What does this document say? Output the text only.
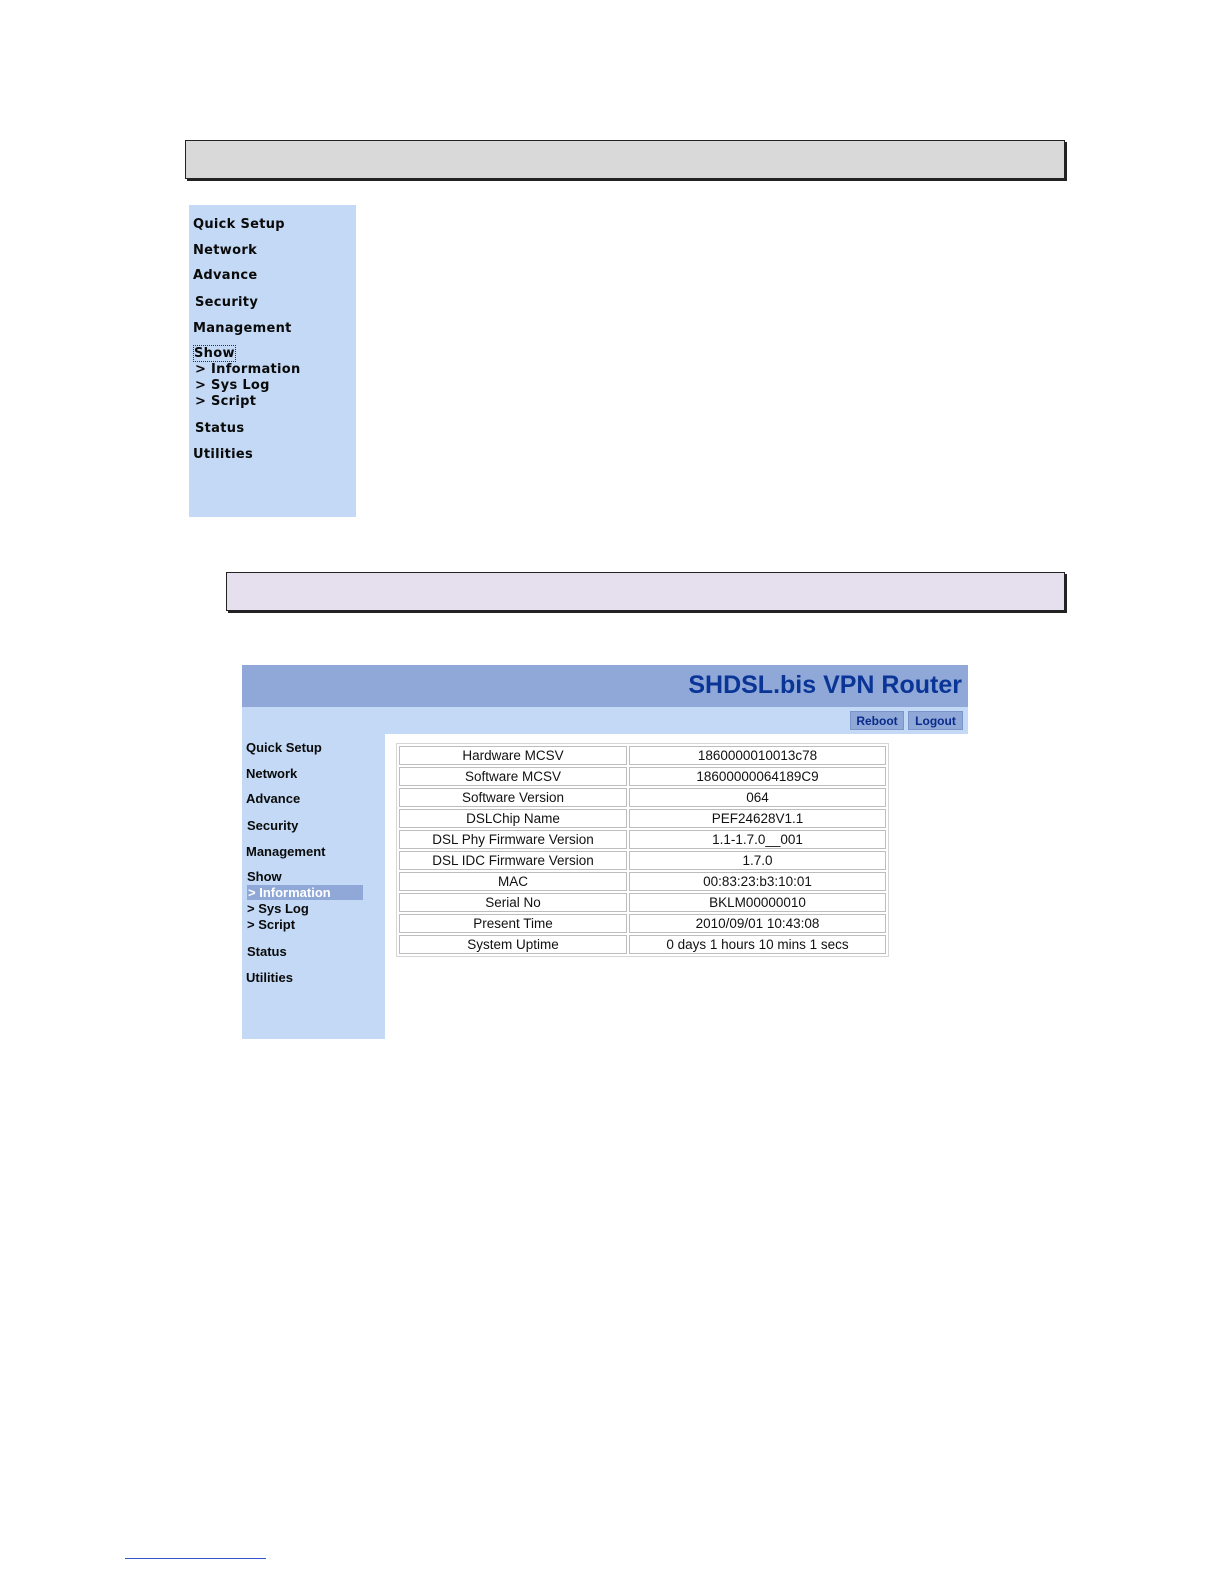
Quick Setup
Network
Advance
Security
Management
Show
> Information
> Sys Log
> Script
Status
Utilities
SHDSL.bis VPN Router
Reboot	Logout
Quick Setup
Network
Advance
Security
Management
Show
> Information
> Sys Log
> Script
Status
Utilities
Hardware MCSV	1860000010013c78
Software MCSV	18600000064189C9
Software Version	064
DSLChip Name	PEF24628V1.1
DSL Phy Firmware Version	1.1-1.7.0__001
DSL IDC Firmware Version	1.7.0
MAC	00:83:23:b3:10:01
Serial No	BKLM00000010
Present Time	2010/09/01 10:43:08
System Uptime	0 days 1 hours 10 mins 1 secs
